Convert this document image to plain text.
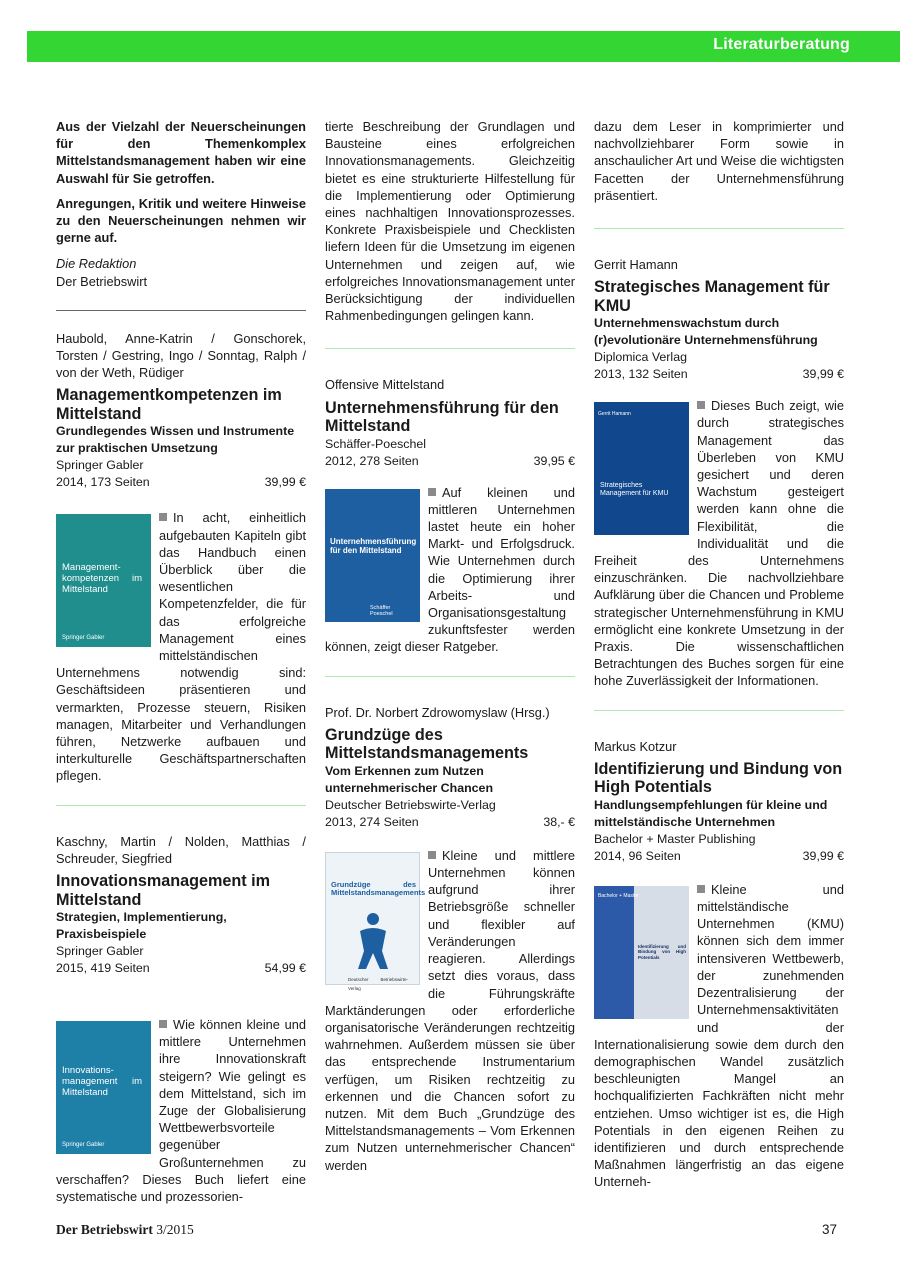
Literaturberatung

Aus der Vielzahl der Neuerscheinungen für den Themenkomplex Mittelstandsmanagement haben wir eine Auswahl für Sie getroffen.

Anregungen, Kritik und weitere Hinweise zu den Neuerscheinungen nehmen wir gerne auf.

Die Redaktion

Der Betriebswirt

Haubold, Anne-Katrin / Gonschorek, Torsten / Gestring, Ingo / Sonntag, Ralph / von der Weth, Rüdiger

Managementkompetenzen im Mittelstand

Grundlegendes Wissen und Instrumente zur praktischen Umsetzung

Springer Gabler

2014, 173 Seiten	39,99 €
Management-kompetenzen im Mittelstand
Springer Gabler
In acht, einheitlich aufgebauten Kapiteln gibt das Handbuch einen Überblick über die wesentlichen Kompetenzfelder, die für das erfolgreiche Management eines mittelständischen Unternehmens notwendig sind: Geschäftsideen präsentieren und vermarkten, Prozesse steuern, Risiken managen, Mitarbeiter und Verhandlungen führen, Netzwerke aufbauen und interkulturelle Geschäftspartnerschaften pflegen.

Kaschny, Martin / Nolden, Matthias / Schreuder, Siegfried

Innovationsmanagement im Mittelstand

Strategien, Implementierung, Praxisbeispiele

Springer Gabler

2015, 419 Seiten	54,99 €
Innovations-management im Mittelstand
Springer Gabler
Wie können kleine und mittlere Unternehmen ihre Innovationskraft steigern? Wie gelingt es dem Mittelstand, sich im Zuge der Globalisierung Wettbewerbsvorteile gegenüber Großunternehmen zu verschaffen? Dieses Buch liefert eine systematische und prozessorien-

tierte Beschreibung der Grundlagen und Bausteine eines erfolgreichen Innovationsmanagements. Gleichzeitig bietet es eine strukturierte Hilfestellung für die Implementierung oder Optimierung eines nachhaltigen Innovationsprozesses. Konkrete Praxisbeispiele und Checklisten liefern Ideen für die Umsetzung im eigenen Unternehmen und zeigen auf, wie erfolgreiches Innovationsmanagement unter Berücksichtigung der individuellen Rahmenbedingungen gelingen kann.

Offensive Mittelstand

Unternehmensführung für den Mittelstand

Schäffer-Poeschel

2012, 278 Seiten	39,95 €
Unternehmensführung für den Mittelstand
Schäffer Poeschel
Auf kleinen und mittleren Unternehmen lastet heute ein hoher Markt- und Erfolgsdruck. Wie Unternehmen durch die Optimierung ihrer Arbeits- und Organisationsgestaltung zukunftsfester werden können, zeigt dieser Ratgeber.

Prof. Dr. Norbert Zdrowomyslaw (Hrsg.)

Grundzüge des Mittelstandsmanagements

Vom Erkennen zum Nutzen unternehmerischer Chancen

Deutscher Betriebswirte-Verlag

2013, 274 Seiten	38,- €
Grundzüge des Mittelstandsmanagements
Deutscher Betriebswirte-Verlag
Kleine und mittlere Unternehmen können aufgrund ihrer Betriebsgröße schneller und flexibler auf Veränderungen reagieren. Allerdings setzt dies voraus, dass die Führungskräfte Marktänderungen oder erforderliche organisatorische Veränderungen rechtzeitig wahrnehmen. Außerdem müssen sie über das entsprechende Instrumentarium verfügen, um Risiken rechtzeitig zu erkennen und die Chancen sofort zu nutzen. Mit dem Buch „Grundzüge des Mittelstandsmanagements – Vom Erkennen zum Nutzen unternehmerischer Chancen“ werden

dazu dem Leser in komprimierter und nachvollziehbarer Form sowie in anschaulicher Art und Weise die wichtigsten Facetten der Unternehmensführung präsentiert.

Gerrit Hamann

Strategisches Management für KMU

Unternehmenswachstum durch (r)evolutionäre Unternehmensführung

Diplomica Verlag

2013, 132 Seiten	39,99 €
Gerrit Hamann
Strategisches Management für KMU
Dieses Buch zeigt, wie durch strategisches Management das Überleben von KMU gesichert und deren Wachstum gesteigert werden kann ohne die Flexibilität, die Individualität und die Freiheit des Unternehmens einzuschränken. Die nachvollziehbare Aufklärung über die Chancen und Probleme strategischer Unternehmensführung in KMU ermöglicht eine konkrete Umsetzung in der Praxis. Die wissenschaftlichen Betrachtungen des Buches sorgen für eine hohe Zuverlässigkeit der Informationen.

Markus Kotzur

Identifizierung und Bindung von High Potentials

Handlungsempfehlungen für kleine und mittelständische Unternehmen

Bachelor + Master Publishing

2014, 96 Seiten	39,99 €
Identifizierung und Bindung von High Potentials
Bachelor + Master	Kleine und mittelständische Unternehmen (KMU) können sich dem immer intensiveren Wettbewerb, der zunehmenden Dezentralisierung der Unternehmensaktivitäten und der Internationalisierung sowie dem durch den demographischen Wandel zusätzlich beschleunigten Mangel an hochqualifizierten Fachkräften nicht mehr entziehen. Umso wichtiger ist es, die High Potentials in den eigenen Reihen zu identifizieren und durch entsprechende Maßnahmen längerfristig an das eigene Unterneh-
Der Betriebswirt 3/2015	37
